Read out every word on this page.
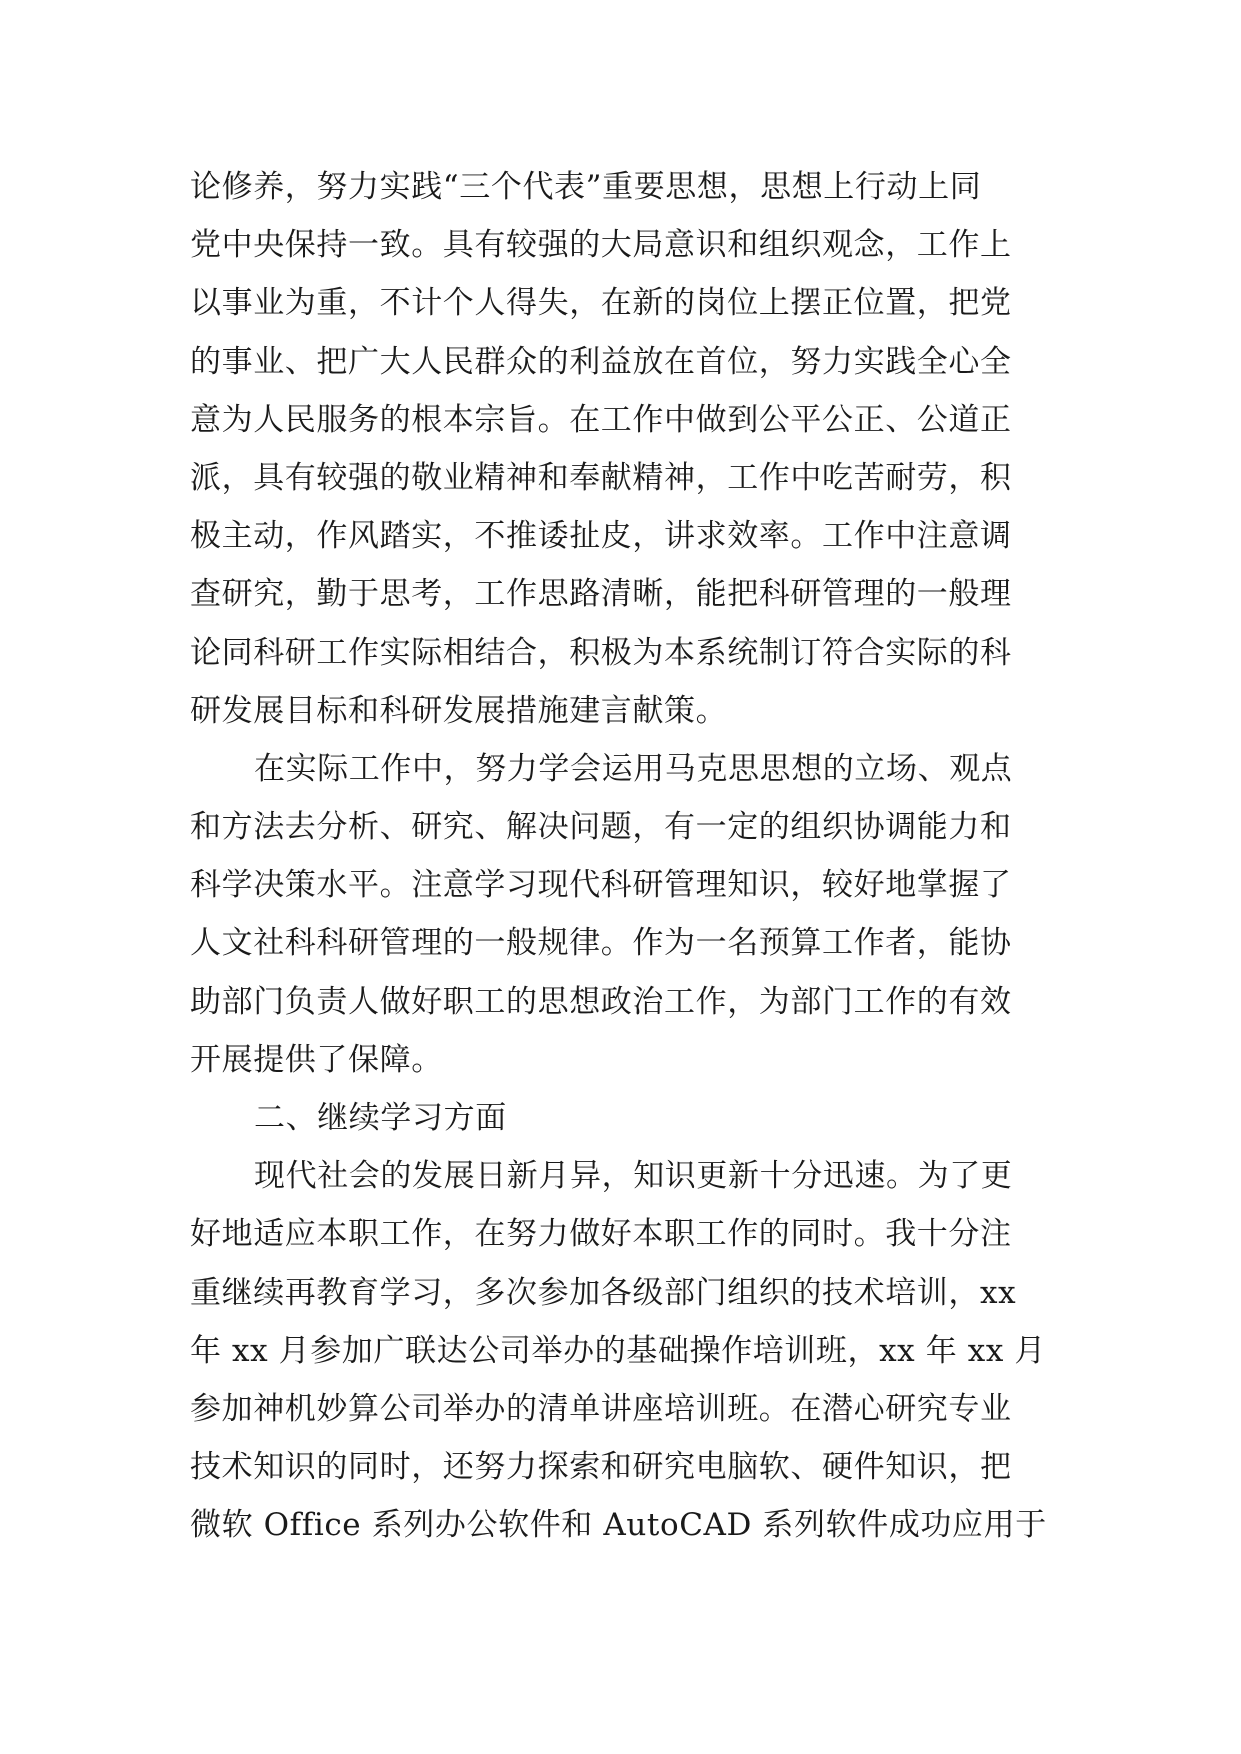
论修养，努力实践“三个代表”重要思想，思想上行动上同
党中央保持一致。具有较强的大局意识和组织观念，工作上
以事业为重，不计个人得失，在新的岗位上摆正位置，把党
的事业、把广大人民群众的利益放在首位，努力实践全心全
意为人民服务的根本宗旨。在工作中做到公平公正、公道正
派，具有较强的敬业精神和奉献精神，工作中吃苦耐劳，积
极主动，作风踏实，不推诿扯皮，讲求效率。工作中注意调
查研究，勤于思考，工作思路清晰，能把科研管理的一般理
论同科研工作实际相结合，积极为本系统制订符合实际的科
研发展目标和科研发展措施建言献策。
在实际工作中，努力学会运用马克思思想的立场、观点
和方法去分析、研究、解决问题，有一定的组织协调能力和
科学决策水平。注意学习现代科研管理知识，较好地掌握了
人文社科科研管理的一般规律。作为一名预算工作者，能协
助部门负责人做好职工的思想政治工作，为部门工作的有效
开展提供了保障。
二、继续学习方面
现代社会的发展日新月异，知识更新十分迅速。为了更
好地适应本职工作，在努力做好本职工作的同时。我十分注
重继续再教育学习，多次参加各级部门组织的技术培训，xx
年 xx 月参加广联达公司举办的基础操作培训班，xx 年 xx 月
参加神机妙算公司举办的清单讲座培训班。在潜心研究专业
技术知识的同时，还努力探索和研究电脑软、硬件知识，把
微软 Office 系列办公软件和 AutoCAD 系列软件成功应用于
